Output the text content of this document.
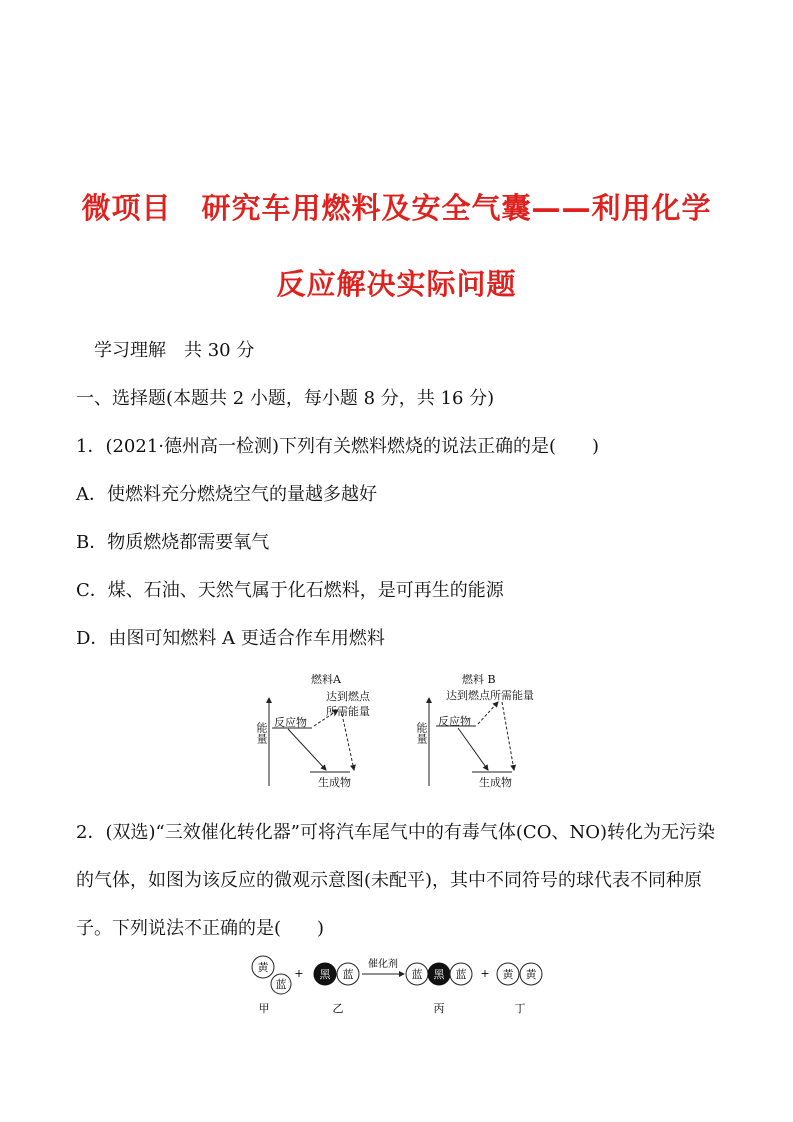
微项目　研究车用燃料及安全气囊——利用化学
反应解决实际问题
学习理解　共 30 分
一、选择题(本题共 2 小题，每小题 8 分，共 16 分)
1．(2021·德州高一检测)下列有关燃料燃烧的说法正确的是(　　)
A．使燃料充分燃烧空气的量越多越好
B．物质燃烧都需要氧气
C．煤、石油、天然气属于化石燃料，是可再生的能源
D．由图可知燃料 A 更适合作车用燃料
燃料A
达到燃点
所需能量
反应物
生成物
能量
燃料 B
达到燃点所需能量
反应物
生成物
能量
2．(双选)“三效催化转化器”可将汽车尾气中的有毒气体(CO、NO)转化为无污染
的气体，如图为该反应的微观示意图(未配平)，其中不同符号的球代表不同种原
子。下列说法不正确的是(　　)
黄
蓝
+ 黑 蓝
催化剂
蓝 黑 蓝 + 黄 黄
甲	乙	丙	丁
